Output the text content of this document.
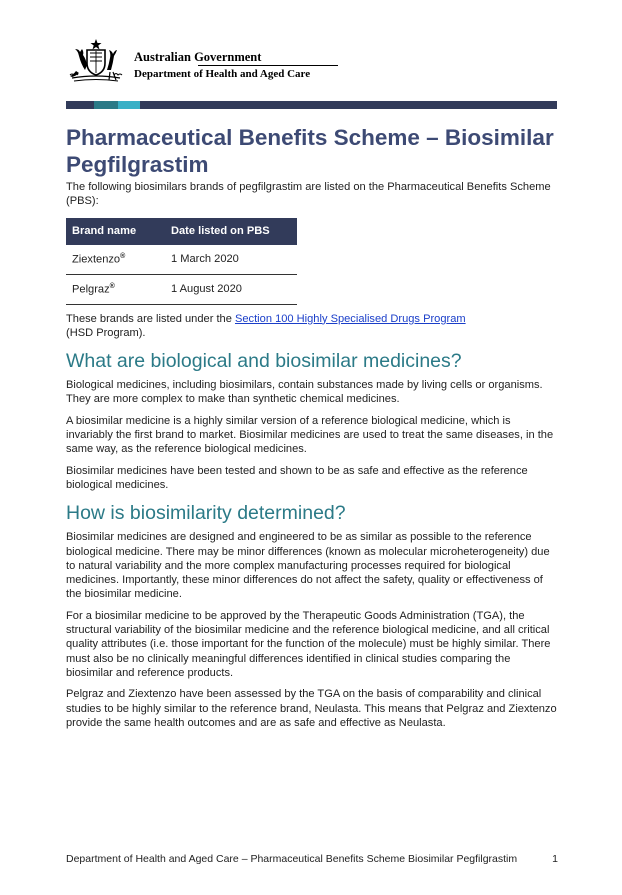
Australian Government
Department of Health and Aged Care
Pharmaceutical Benefits Scheme – Biosimilar Pegfilgrastim

The following biosimilars brands of pegfilgrastim are listed on the Pharmaceutical Benefits Scheme (PBS):

Brand name	Date listed on PBS
Ziextenzo®	1 March 2020
Pelgraz®	1 August 2020

These brands are listed under the Section 100 Highly Specialised Drugs Program
(HSD Program).

What are biological and biosimilar medicines?

Biological medicines, including biosimilars, contain substances made by living cells or organisms. They are more complex to make than synthetic chemical medicines.

A biosimilar medicine is a highly similar version of a reference biological medicine, which is invariably the first brand to market. Biosimilar medicines are used to treat the same diseases, in the same way, as the reference biological medicines.

Biosimilar medicines have been tested and shown to be as safe and effective as the reference biological medicines.

How is biosimilarity determined?

Biosimilar medicines are designed and engineered to be as similar as possible to the reference biological medicine. There may be minor differences (known as molecular microheterogeneity) due to natural variability and the more complex manufacturing processes required for biological medicines. Importantly, these minor differences do not affect the safety, quality or effectiveness of the biosimilar medicine.

For a biosimilar medicine to be approved by the Therapeutic Goods Administration (TGA), the structural variability of the biosimilar medicine and the reference biological medicine, and all critical quality attributes (i.e. those important for the function of the molecule) must be highly similar. There must also be no clinically meaningful differences identified in clinical studies comparing the biosimilar and reference products.

Pelgraz and Ziextenzo have been assessed by the TGA on the basis of comparability and clinical studies to be highly similar to the reference brand, Neulasta. This means that Pelgraz and Ziextenzo provide the same health outcomes and are as safe and effective as Neulasta.

Department of Health and Aged Care – Pharmaceutical Benefits Scheme Biosimilar Pegfilgrastim	1
